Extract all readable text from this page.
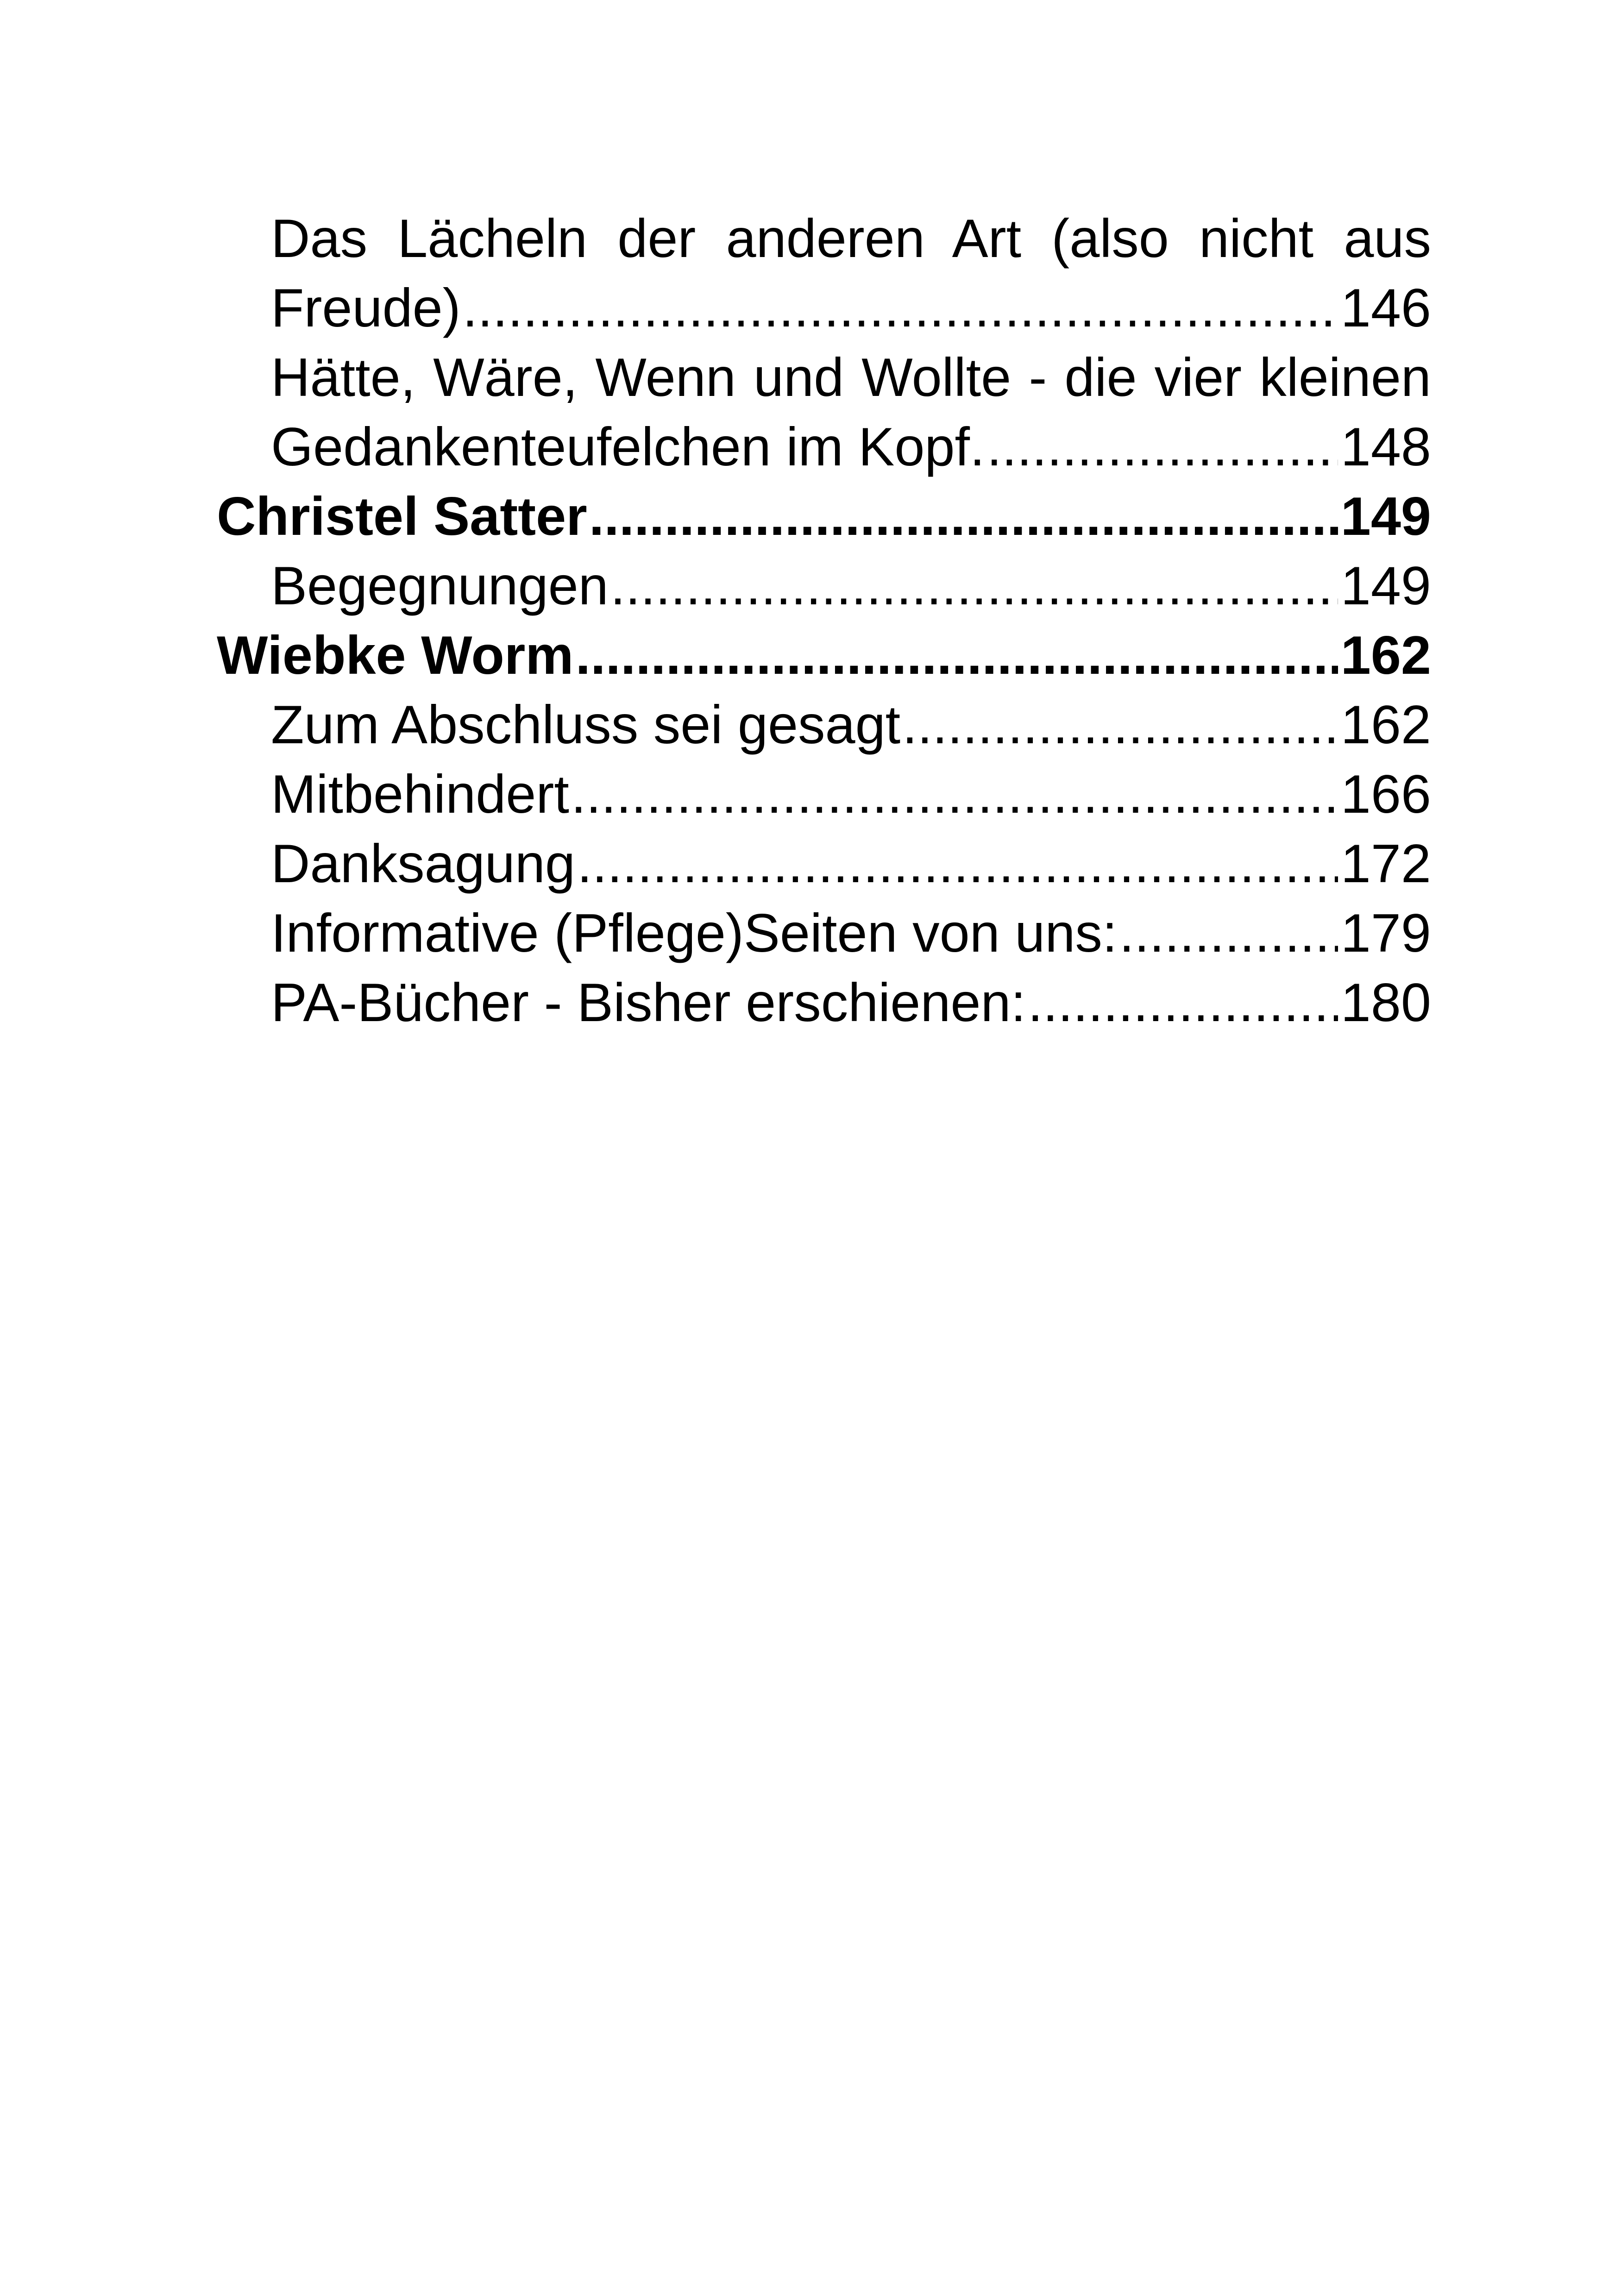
Das Lächeln der anderen Art (also nicht aus
Freude) .....	146
Hätte, Wäre, Wenn und Wollte - die vier kleinen
Gedankenteufelchen im Kopf. .....	148
Christel Satter .....	149
Begegnungen .....	149
Wiebke Worm .....	162
Zum Abschluss sei gesagt .....	162
Mitbehindert .....	166
Danksagung .....	172
Informative (Pflege)Seiten von uns: .....	179
PA-Bücher - Bisher erschienen: .....	180
